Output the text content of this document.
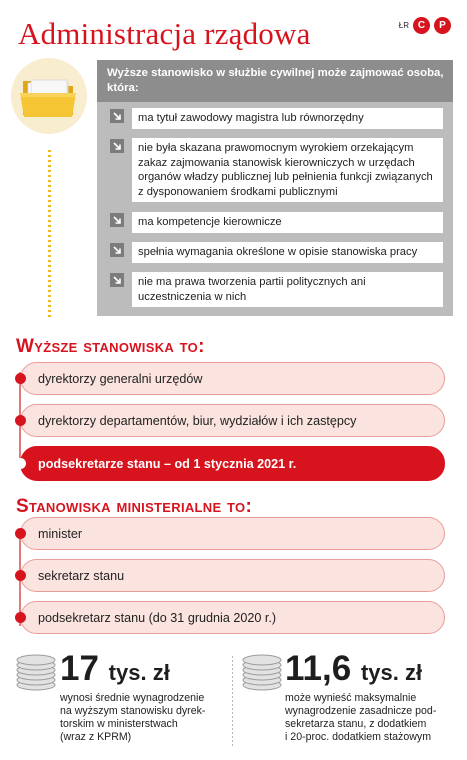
Administracja rządowa	ŁR C	P
Wyższe stanowisko w służbie cywilnej może zajmować osoba, która:
ma tytuł zawodowy magistra lub równorzędny
nie była skazana prawomocnym wyrokiem orzekającym zakaz zajmowania stanowisk kierowniczych w urzędach organów władzy publicznej lub pełnienia funkcji związanych z dysponowaniem środkami publicznymi
ma kompetencje kierownicze
spełnia wymagania określone w opisie stanowiska pracy
nie ma prawa tworzenia partii politycznych ani uczestniczenia w nich
Wyższe stanowiska to:
dyrektorzy generalni urzędów
dyrektorzy departamentów, biur, wydziałów i ich zastępcy
podsekretarze stanu – od 1 stycznia 2021 r.
Stanowiska ministerialne to:
minister
sekretarz stanu
podsekretarz stanu (do 31 grudnia 2020 r.)
17 tys. zł
wynosi średnie wynagrodzenie
na wyższym stanowisku dyrek-
torskim w ministerstwach
(wraz z KPRM)
11,6 tys. zł
może wynieść maksymalnie
wynagrodzenie zasadnicze pod-
sekretarza stanu, z dodatkiem
i 20-proc. dodatkiem stażowym
